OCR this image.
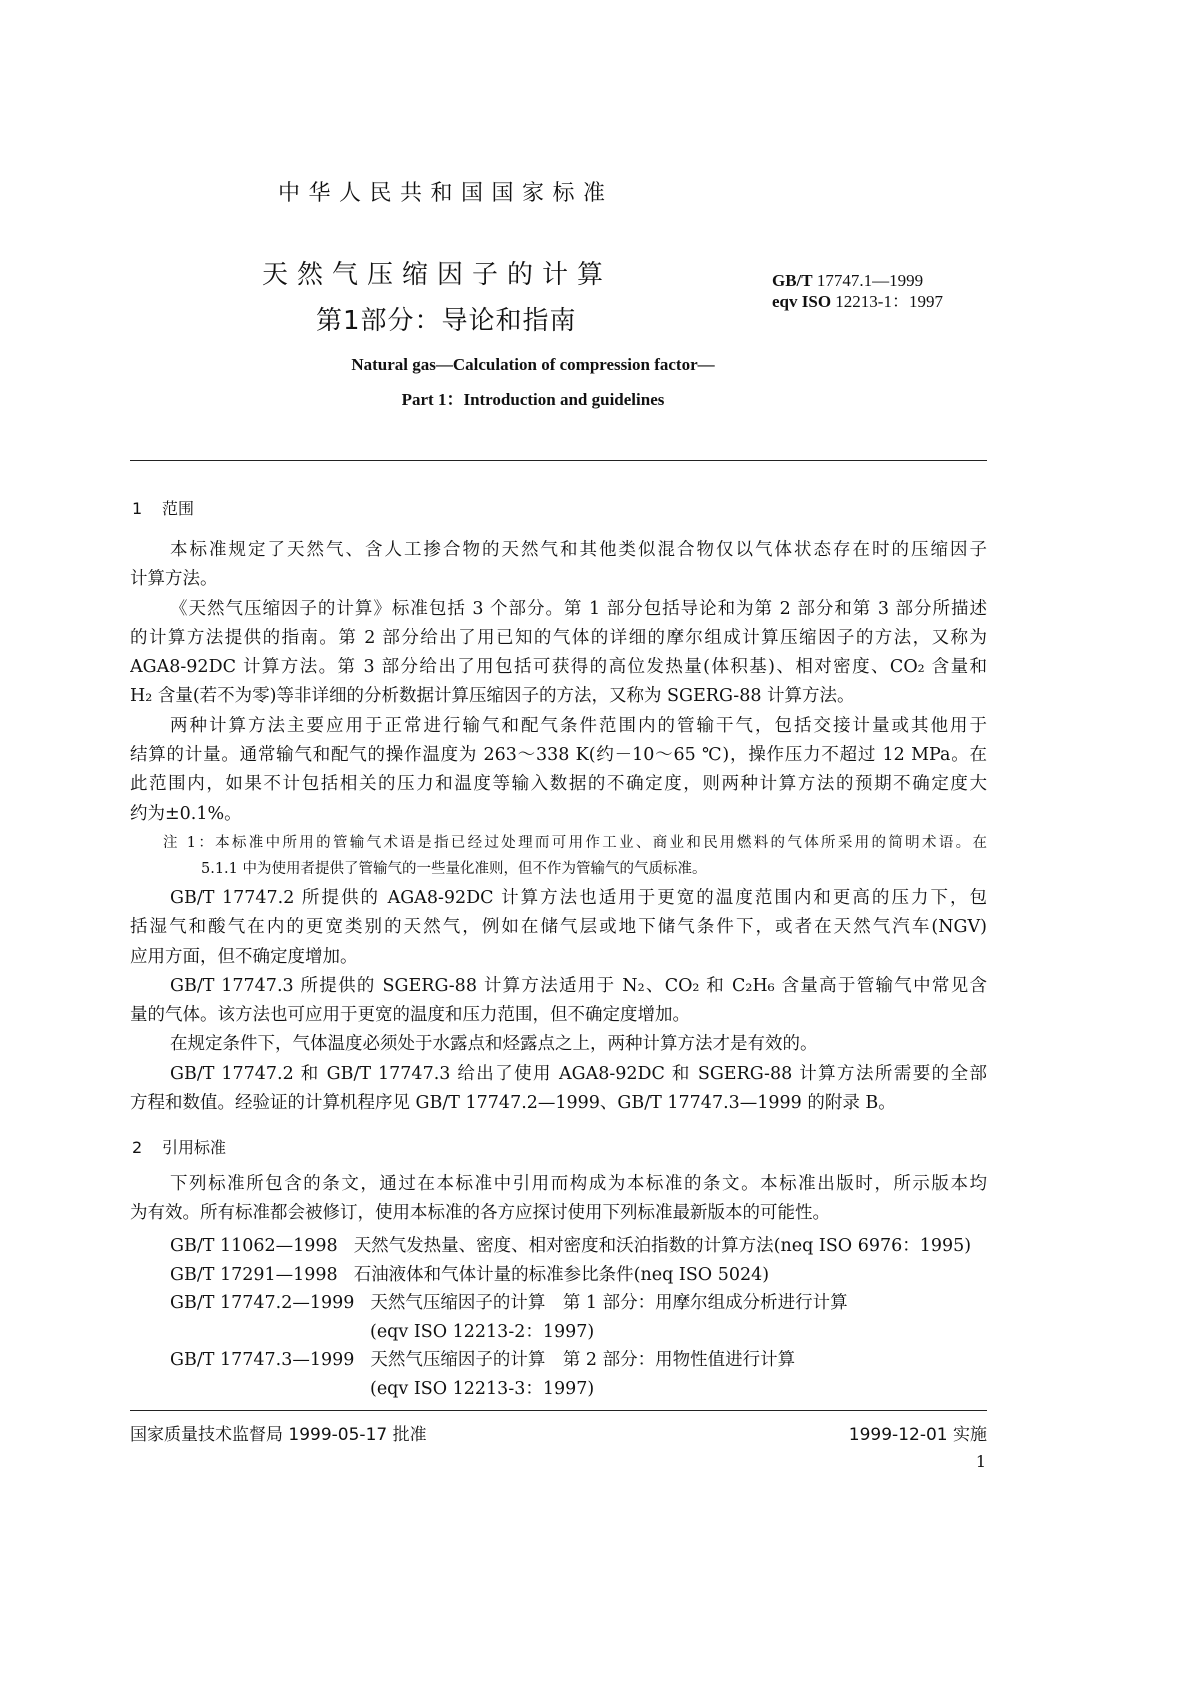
中华人民共和国国家标准
天然气压缩因子的计算
第1部分：导论和指南
GB/T 17747.1—1999
eqv ISO 12213-1：1997
Natural gas—Calculation of compression factor—
Part 1：Introduction and guidelines
1 范围
本标准规定了天然气、含人工掺合物的天然气和其他类似混合物仅以气体状态存在时的压缩因子
计算方法。
《天然气压缩因子的计算》标准包括 3 个部分。第 1 部分包括导论和为第 2 部分和第 3 部分所描述
的计算方法提供的指南。第 2 部分给出了用已知的气体的详细的摩尔组成计算压缩因子的方法，又称为
AGA8-92DC 计算方法。第 3 部分给出了用包括可获得的高位发热量(体积基)、相对密度、CO₂ 含量和
H₂ 含量(若不为零)等非详细的分析数据计算压缩因子的方法，又称为 SGERG-88 计算方法。
两种计算方法主要应用于正常进行输气和配气条件范围内的管输干气，包括交接计量或其他用于
结算的计量。通常输气和配气的操作温度为 263～338 K(约－10～65 ℃)，操作压力不超过 12 MPa。在
此范围内，如果不计包括相关的压力和温度等输入数据的不确定度，则两种计算方法的预期不确定度大
约为±0.1%。
注 1：本标准中所用的管输气术语是指已经过处理而可用作工业、商业和民用燃料的气体所采用的简明术语。在
5.1.1 中为使用者提供了管输气的一些量化准则，但不作为管输气的气质标准。
GB/T 17747.2 所提供的 AGA8-92DC 计算方法也适用于更宽的温度范围内和更高的压力下，包
括湿气和酸气在内的更宽类别的天然气，例如在储气层或地下储气条件下，或者在天然气汽车(NGV)
应用方面，但不确定度增加。
GB/T 17747.3 所提供的 SGERG-88 计算方法适用于 N₂、CO₂ 和 C₂H₆ 含量高于管输气中常见含
量的气体。该方法也可应用于更宽的温度和压力范围，但不确定度增加。
在规定条件下，气体温度必须处于水露点和烃露点之上，两种计算方法才是有效的。
GB/T 17747.2 和 GB/T 17747.3 给出了使用 AGA8-92DC 和 SGERG-88 计算方法所需要的全部
方程和数值。经验证的计算机程序见 GB/T 17747.2—1999、GB/T 17747.3—1999 的附录 B。
2 引用标准
下列标准所包含的条文，通过在本标准中引用而构成为本标准的条文。本标准出版时，所示版本均
为有效。所有标准都会被修订，使用本标准的各方应探讨使用下列标准最新版本的可能性。
GB/T 11062—1998 天然气发热量、密度、相对密度和沃泊指数的计算方法(neq ISO 6976：1995)
GB/T 17291—1998 石油液体和气体计量的标准参比条件(neq ISO 5024)
GB/T 17747.2—1999 天然气压缩因子的计算　第 1 部分：用摩尔组成分析进行计算
(eqv ISO 12213-2：1997)
GB/T 17747.3—1999 天然气压缩因子的计算　第 2 部分：用物性值进行计算
(eqv ISO 12213-3：1997)
国家质量技术监督局 1999-05-17 批准	1999-12-01 实施
1
